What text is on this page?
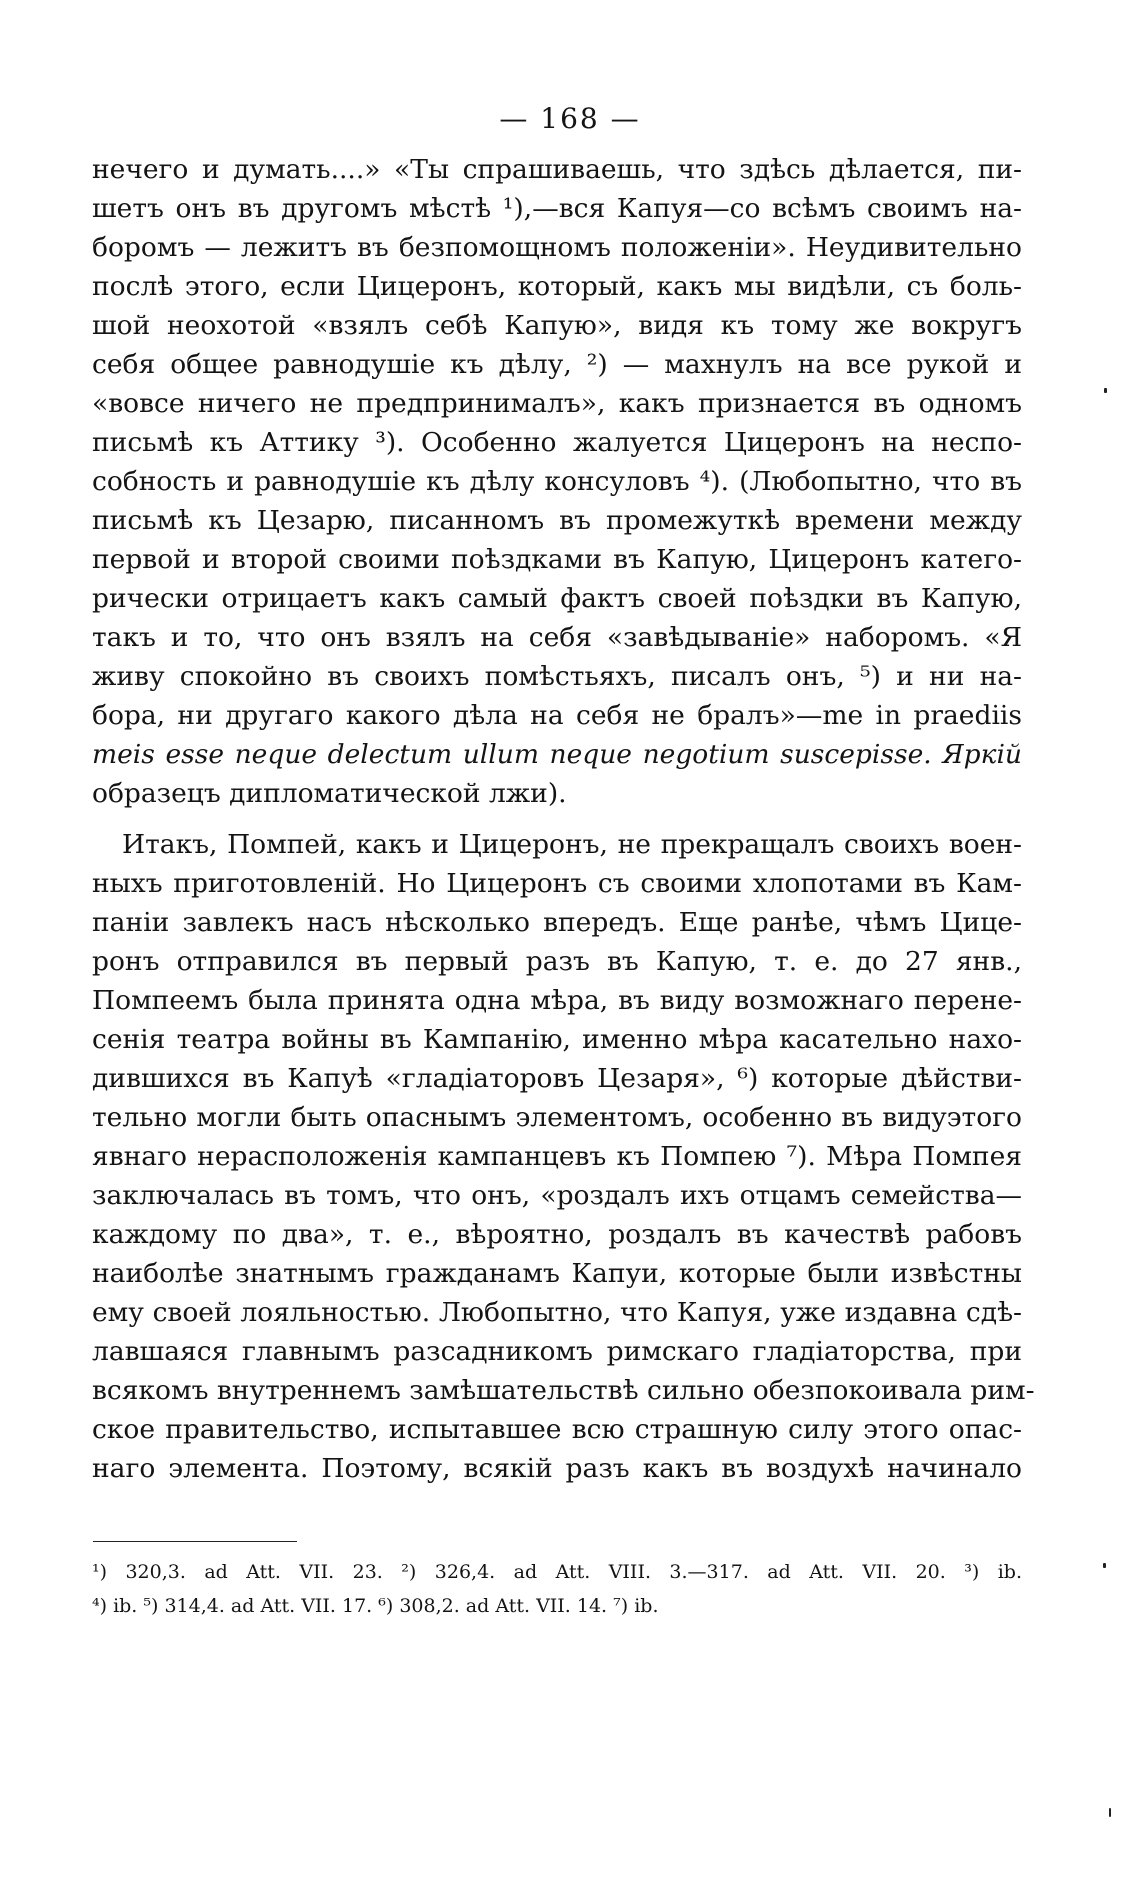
— 168 —
нечего и думать....» «Ты спрашиваешь, что здѣсь дѣлается, пи-
шетъ онъ въ другомъ мѣстѣ ¹),—вся Капуя—со всѣмъ своимъ на-
боромъ — лежитъ въ безпомощномъ положеніи». Неудивительно
послѣ этого, если Цицеронъ, который, какъ мы видѣли, съ боль-
шой неохотой «взялъ себѣ Капую», видя къ тому же вокругъ
себя общее равнодушіе къ дѣлу, ²) — махнулъ на все рукой и
«вовсе ничего не предпринималъ», какъ признается въ одномъ
письмѣ къ Аттику ³). Особенно жалуется Цицеронъ на неспо-
собность и равнодушіе къ дѣлу консуловъ ⁴). (Любопытно, что въ
письмѣ къ Цезарю, писанномъ въ промежуткѣ времени между
первой и второй своими поѣздками въ Капую, Цицеронъ катего-
рически отрицаетъ какъ самый фактъ своей поѣздки въ Капую,
такъ и то, что онъ взялъ на себя «завѣдываніе» наборомъ. «Я
живу спокойно въ своихъ помѣстьяхъ, писалъ онъ, ⁵) и ни на-
бора, ни другаго какого дѣла на себя не бралъ»—me in praediis
meis esse neque delectum ullum neque negotium suscepisse. Яркій
образецъ дипломатической лжи).
Итакъ, Помпей, какъ и Цицеронъ, не прекращалъ своихъ воен-
ныхъ приготовленій. Но Цицеронъ съ своими хлопотами въ Кам-
паніи завлекъ насъ нѣсколько впередъ. Еще ранѣе, чѣмъ Цице-
ронъ отправился въ первый разъ въ Капую, т. е. до 27 янв.,
Помпеемъ была принята одна мѣра, въ виду возможнаго перене-
сенія театра войны въ Кампанію, именно мѣра касательно нахо-
дившихся въ Капуѣ «гладіаторовъ Цезаря», ⁶) которые дѣйстви-
тельно могли быть опаснымъ элементомъ, особенно въ видуэтого
явнаго нерасположенія кампанцевъ къ Помпею ⁷). Мѣра Помпея
заключалась въ томъ, что онъ, «роздалъ ихъ отцамъ семейства—
каждому по два», т. е., вѣроятно, роздалъ въ качествѣ рабовъ
наиболѣе знатнымъ гражданамъ Капуи, которые были извѣстны
ему своей лояльностью. Любопытно, что Капуя, уже издавна сдѣ-
лавшаяся главнымъ разсадникомъ римскаго гладіаторства, при
всякомъ внутреннемъ замѣшательствѣ сильно обезпокоивала рим-
ское правительство, испытавшее всю страшную силу этого опас-
наго элемента. Поэтому, всякій разъ какъ въ воздухѣ начинало
¹) 320,3. ad Att. VII. 23. ²) 326,4. ad Att. VIII. 3.—317. ad Att. VII. 20. ³) ib.
⁴) ib. ⁵) 314,4. ad Att. VII. 17. ⁶) 308,2. ad Att. VII. 14. ⁷) ib.
